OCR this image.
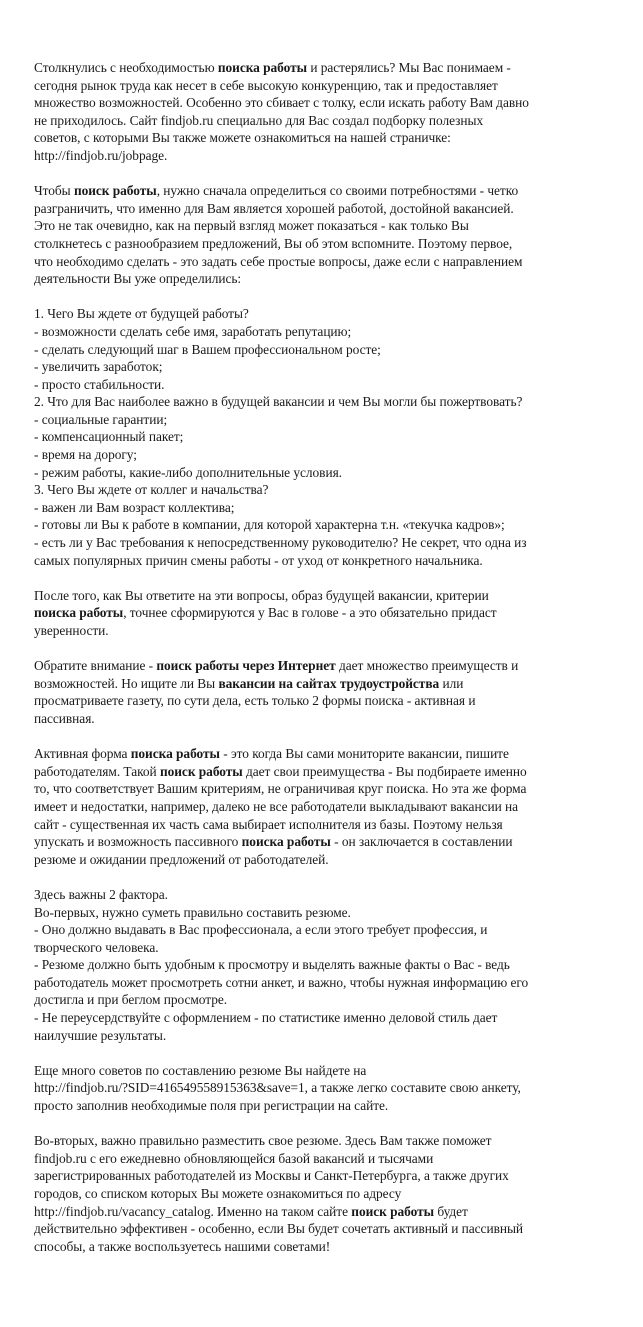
Столкнулись с необходимостью поиска работы и растерялись? Мы Вас понимаем -
сегодня рынок труда как несет в себе высокую конкуренцию, так и предоставляет
множество возможностей. Особенно это сбивает с толку, если искать работу Вам давно
не приходилось. Сайт findjob.ru специально для Вас создал подборку полезных
советов, с которыми Вы также можете ознакомиться на нашей страничке:
http://findjob.ru/jobpage.
Чтобы поиск работы, нужно сначала определиться со своими потребностями - четко
разграничить, что именно для Вам является хорошей работой, достойной вакансией.
Это не так очевидно, как на первый взгляд может показаться - как только Вы
столкнетесь с разнообразием предложений, Вы об этом вспомните. Поэтому первое,
что необходимо сделать - это задать себе простые вопросы, даже если с направлением
деятельности Вы уже определились:
1. Чего Вы ждете от будущей работы?
- возможности сделать себе имя, заработать репутацию;
- сделать следующий шаг в Вашем профессиональном росте;
- увеличить заработок;
- просто стабильности.
2. Что для Вас наиболее важно в будущей вакансии и чем Вы могли бы пожертвовать?
- социальные гарантии;
- компенсационный пакет;
- время на дорогу;
- режим работы, какие-либо дополнительные условия.
3. Чего Вы ждете от коллег и начальства?
- важен ли Вам возраст коллектива;
- готовы ли Вы к работе в компании, для которой характерна т.н. «текучка кадров»;
- есть ли у Вас требования к непосредственному руководителю? Не секрет, что одна из
самых популярных причин смены работы - от уход от конкретного начальника.
После того, как Вы ответите на эти вопросы, образ будущей вакансии, критерии
поиска работы, точнее сформируются у Вас в голове - а это обязательно придаст
уверенности.
Обратите внимание - поиск работы через Интернет дает множество преимуществ и
возможностей. Но ищите ли Вы вакансии на сайтах трудоустройства или
просматриваете газету, по сути дела, есть только 2 формы поиска - активная и
пассивная.
Активная форма поиска работы - это когда Вы сами мониторите вакансии, пишите
работодателям. Такой поиск работы дает свои преимущества - Вы подбираете именно
то, что соответствует Вашим критериям, не ограничивая круг поиска. Но эта же форма
имеет и недостатки, например, далеко не все работодатели выкладывают вакансии на
сайт - существенная их часть сама выбирает исполнителя из базы. Поэтому нельзя
упускать и возможность пассивного поиска работы - он заключается в составлении
резюме и ожидании предложений от работодателей.
Здесь важны 2 фактора.
Во-первых, нужно суметь правильно составить резюме.
- Оно должно выдавать в Вас профессионала, а если этого требует профессия, и
творческого человека.
- Резюме должно быть удобным к просмотру и выделять важные факты о Вас - ведь
работодатель может просмотреть сотни анкет, и важно, чтобы нужная информацию его
достигла и при беглом просмотре.
- Не переусердствуйте с оформлением - по статистике именно деловой стиль дает
наилучшие результаты.
Еще много советов по составлению резюме Вы найдете на
http://findjob.ru/?SID=416549558915363&save=1, а также легко составите свою анкету,
просто заполнив необходимые поля при регистрации на сайте.
Во-вторых, важно правильно разместить свое резюме. Здесь Вам также поможет
findjob.ru с его ежедневно обновляющейся базой вакансий и тысячами
зарегистрированных работодателей из Москвы и Санкт-Петербурга, а также других
городов, со списком которых Вы можете ознакомиться по адресу
http://findjob.ru/vacancy_catalog. Именно на таком сайте поиск работы будет
действительно эффективен - особенно, если Вы будет сочетать активный и пассивный
способы, а также воспользуетесь нашими советами!
